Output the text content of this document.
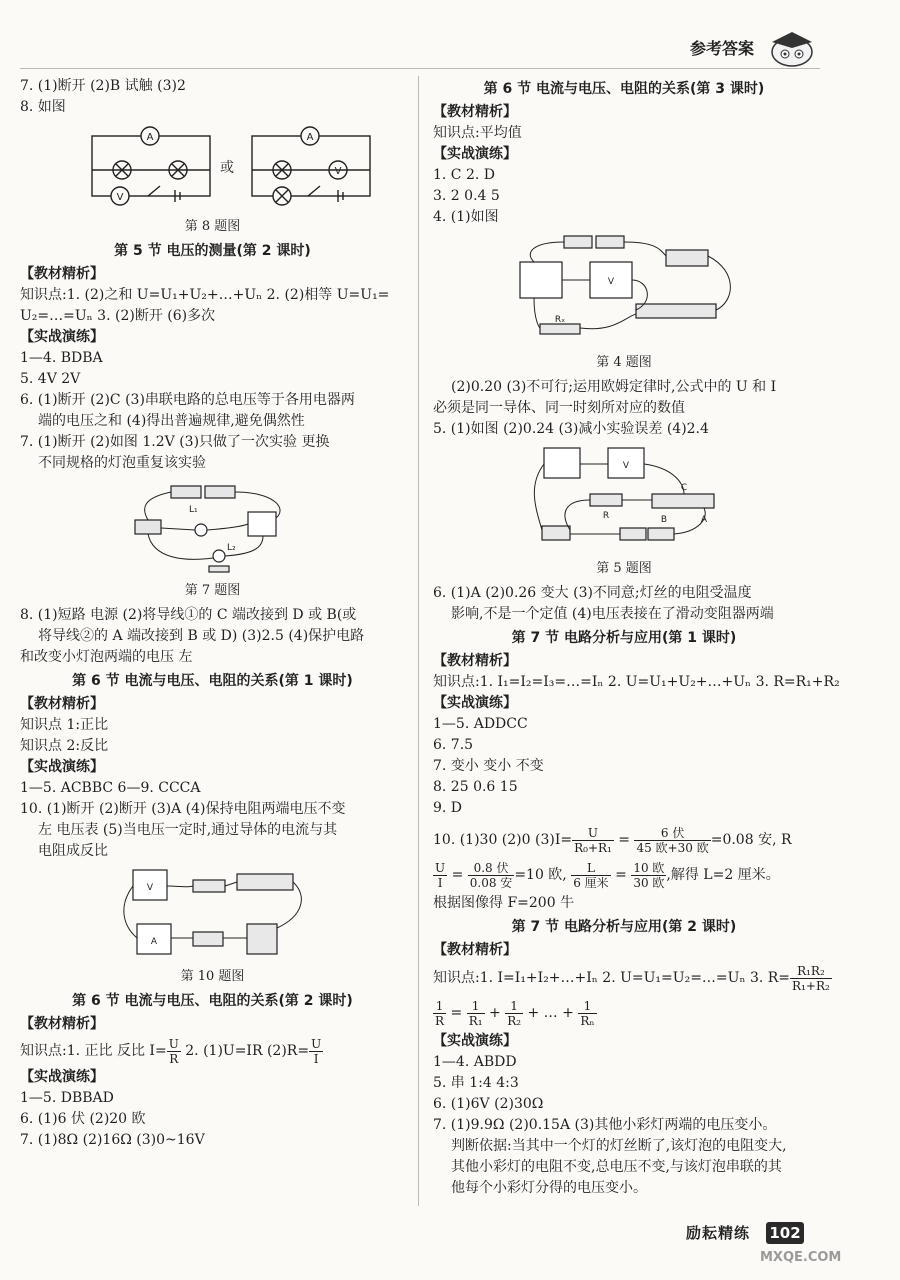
参考答案
7. (1)断开 (2)B 试触 (3)2
8. 如图
A
V
A
V
或
第 8 题图
第 5 节 电压的测量(第 2 课时)
【教材精析】
知识点:1. (2)之和 U=U₁+U₂+…+Uₙ 2. (2)相等 U=U₁=
U₂=…=Uₙ 3. (2)断开 (6)多次
【实战演练】
1—4. BDBA
5. 4V 2V
6. (1)断开 (2)C (3)串联电路的总电压等于各用电器两
端的电压之和 (4)得出普遍规律,避免偶然性
7. (1)断开 (2)如图 1.2V (3)只做了一次实验 更换
不同规格的灯泡重复该实验
L₁
L₂
第 7 题图
8. (1)短路 电源 (2)将导线①的 C 端改接到 D 或 B(或
将导线②的 A 端改接到 B 或 D) (3)2.5 (4)保护电路
和改变小灯泡两端的电压 左
第 6 节 电流与电压、电阻的关系(第 1 课时)
【教材精析】
知识点 1:正比
知识点 2:反比
【实战演练】
1—5. ACBBC 6—9. CCCA
10. (1)断开 (2)断开 (3)A (4)保持电阻两端电压不变
左 电压表 (5)当电压一定时,通过导体的电流与其
电阻成反比
V
A
第 10 题图
第 6 节 电流与电压、电阻的关系(第 2 课时)
【教材精析】
知识点:1. 正比 反比 $I= \frac{U}{R} 2$. (1)U=IR $(2)R= \frac{U}{I}$
【实战演练】
1—5. DBBAD
6. (1)6 伏 (2)20 欧
7. (1)8Ω (2)16Ω (3)0~16V
第 6 节 电流与电压、电阻的关系(第 3 课时)
【教材精析】
知识点:平均值
【实战演练】
1. C 2. D
3. 2 0.4 5
4. (1)如图
V
Rₓ
第 4 题图
(2)0.20 (3)不可行;运用欧姆定律时,公式中的 U 和 I
必须是同一导体、同一时刻所对应的数值
5. (1)如图 (2)0.24 (3)减小实验误差 (4)2.4
V
R
C
B	A
第 5 题图
6. (1)A (2)0.26 变大 (3)不同意;灯丝的电阻受温度
影响,不是一个定值 (4)电压表接在了滑动变阻器两端
第 7 节 电路分析与应用(第 1 课时)
【教材精析】
知识点:1. I₁=I₂=I₃=…=Iₙ 2. U=U₁+U₂+…+Uₙ 3. R=R₁+R₂
【实战演练】
1—5. ADDCC
6. 7.5
7. 变小 变小 不变
8. 25 0.6 15
9. D
10. (1)30 (2)0 $(3)I= \frac{U}{\text{R₀+R₁}} = \frac{\text{6 伏}}{\text{45 欧+30 欧}} =0.08$ 安, R
$\frac{U}{I} = \frac{\text{0.8 伏}}{\text{0.08 安}} =10$ 欧, $\frac{L}{\text{6 厘米}} = \frac{\text{10 欧}}{\text{30 欧}}$ ,解得 L=2 厘米。
根据图像得 F=200 牛
第 7 节 电路分析与应用(第 2 课时)
【教材精析】
知识点:1. I=I₁+I₂+…+Iₙ 2. U=U₁=U₂=…=Uₙ 3. $R= \frac{\text{R₁R₂}}{\text{R₁+R₂}}$
$\frac{1}{R} = \frac{1}{\text{R₁}} + \frac{1}{\text{R₂}}$ + … + $\frac{1}{\text{Rₙ}}$
【实战演练】
1—4. ABDD
5. 串 1:4 4:3
6. (1)6V (2)30Ω
7. (1)9.9Ω (2)0.15A (3)其他小彩灯两端的电压变小。
判断依据:当其中一个灯的灯丝断了,该灯泡的电阻变大,
其他小彩灯的电阻不变,总电压不变,与该灯泡串联的其
他每个小彩灯分得的电压变小。
励耘精练 102
MXQE.COM
